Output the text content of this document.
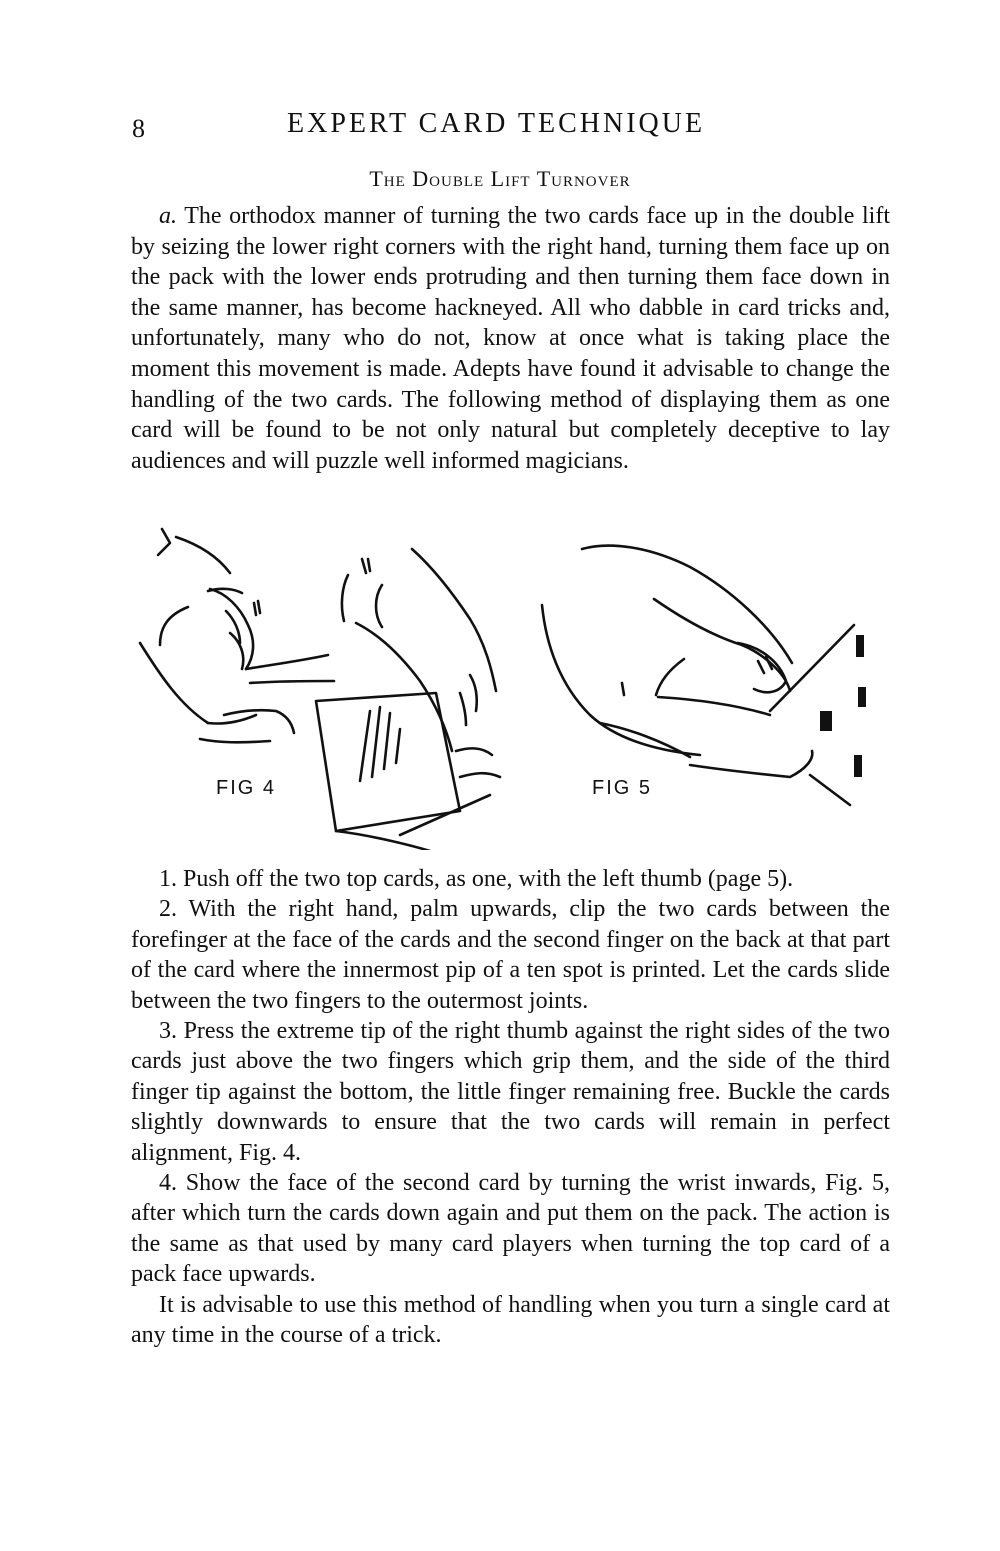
8	EXPERT CARD TECHNIQUE
The Double Lift Turnover

a. The orthodox manner of turning the two cards face up in the double lift by seizing the lower right corners with the right hand, turning them face up on the pack with the lower ends protruding and then turning them face down in the same manner, has become hackneyed. All who dabble in card tricks and, unfortunately, many who do not, know at once what is taking place the moment this movement is made. Adepts have found it advisable to change the handling of the two cards. The following method of displaying them as one card will be found to be not only natural but completely deceptive to lay audiences and will puzzle well informed magicians.

FIG 4	FIG 5

1. Push off the two top cards, as one, with the left thumb (page 5).

2. With the right hand, palm upwards, clip the two cards between the forefinger at the face of the cards and the second finger on the back at that part of the card where the innermost pip of a ten spot is printed. Let the cards slide between the two fingers to the outermost joints.

3. Press the extreme tip of the right thumb against the right sides of the two cards just above the two fingers which grip them, and the side of the third finger tip against the bottom, the little finger remaining free. Buckle the cards slightly downwards to ensure that the two cards will remain in perfect alignment, Fig. 4.

4. Show the face of the second card by turning the wrist inwards, Fig. 5, after which turn the cards down again and put them on the pack. The action is the same as that used by many card players when turning the top card of a pack face upwards.

It is advisable to use this method of handling when you turn a single card at any time in the course of a trick.
